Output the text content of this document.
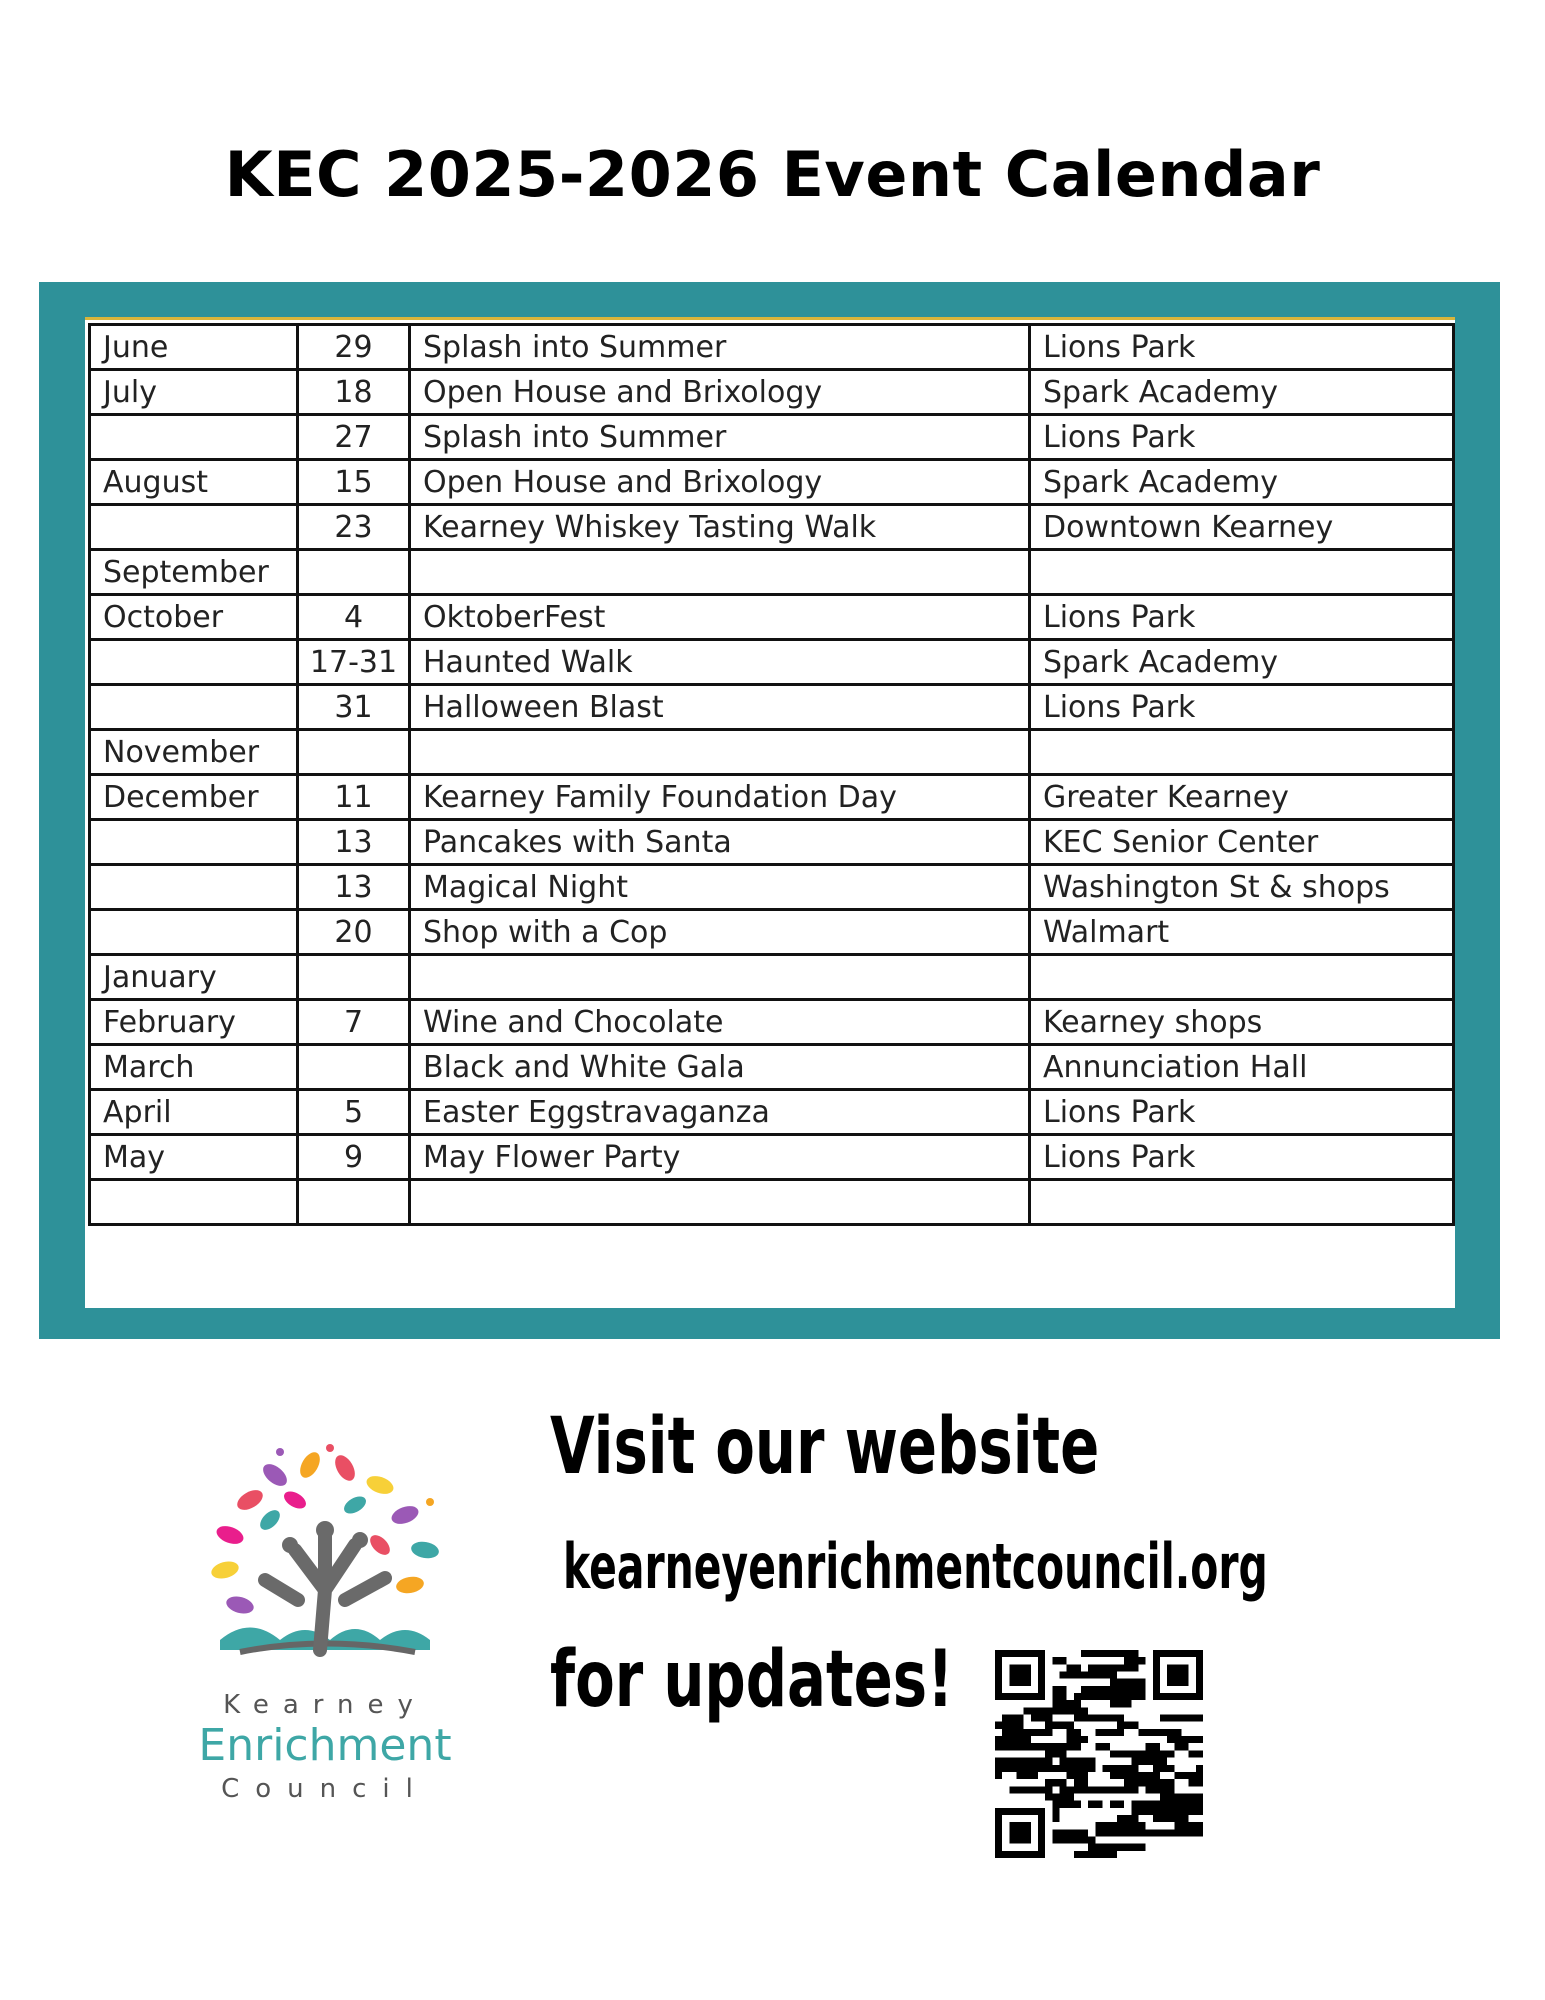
KEC 2025-2026 Event Calendar
June	29	Splash into Summer	Lions Park
July	18	Open House and Brixology	Spark Academy
	27	Splash into Summer	Lions Park
August	15	Open House and Brixology	Spark Academy
	23	Kearney Whiskey Tasting Walk	Downtown Kearney
September			
October	4	OktoberFest	Lions Park
	17-31	Haunted Walk	Spark Academy
	31	Halloween Blast	Lions Park
November			
December	11	Kearney Family Foundation Day	Greater Kearney
	13	Pancakes with Santa	KEC Senior Center
	13	Magical Night	Washington St & shops
	20	Shop with a Cop	Walmart
January			
February	7	Wine and Chocolate	Kearney shops
March		Black and White Gala	Annunciation Hall
April	5	Easter Eggstravaganza	Lions Park
May	9	May Flower Party	Lions Park

Kearney
Enrichment
Council
Visit our website
kearneyenrichmentcouncil.org
for updates!
